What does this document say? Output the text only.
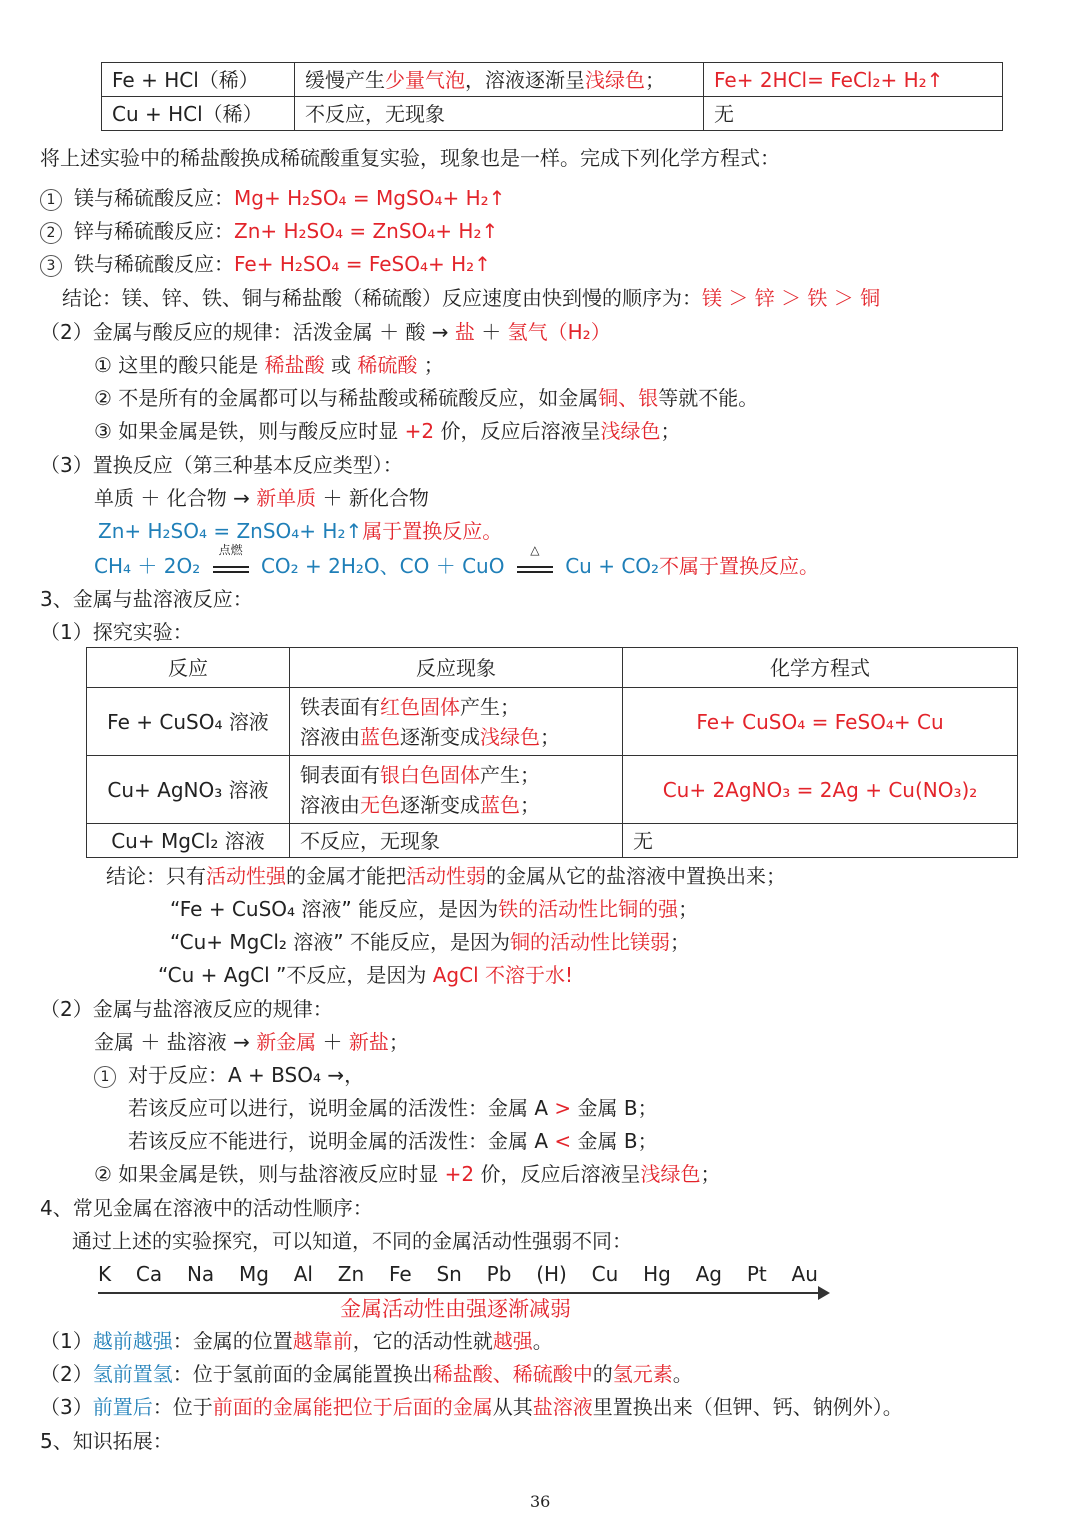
Fe + HCl（稀）	缓慢产生少量气泡，溶液逐渐呈浅绿色；	Fe+ 2HCl= FeCl₂+ H₂↑
Cu + HCl（稀）	不反应，无现象	无
将上述实验中的稀盐酸换成稀硫酸重复实验，现象也是一样。完成下列化学方程式：
1 镁与稀硫酸反应：Mg+ H₂SO₄ = MgSO₄+ H₂↑
2 锌与稀硫酸反应：Zn+ H₂SO₄ = ZnSO₄+ H₂↑
3 铁与稀硫酸反应：Fe+ H₂SO₄ = FeSO₄+ H₂↑
结论：镁、锌、铁、铜与稀盐酸（稀硫酸）反应速度由快到慢的顺序为：镁 ＞ 锌 ＞ 铁 ＞ 铜
（2）金属与酸反应的规律：活泼金属 ＋ 酸 → 盐 ＋ 氢气（H₂）
① 这里的酸只能是 稀盐酸 或 稀硫酸 ；
② 不是所有的金属都可以与稀盐酸或稀硫酸反应，如金属铜、银等就不能。
③ 如果金属是铁，则与酸反应时显 +2 价，反应后溶液呈浅绿色；
（3）置换反应（第三种基本反应类型）：
单质 ＋ 化合物 → 新单质 ＋ 新化合物
Zn+ H₂SO₄ = ZnSO₄+ H₂↑属于置换反应。
CH₄ ＋ 2O₂
点燃
CO₂ + 2H₂O、CO ＋ CuO
△
Cu + CO₂不属于置换反应。
3、金属与盐溶液反应：
（1）探究实验：
反应	反应现象	化学方程式
Fe + CuSO₄ 溶液	铁表面有红色固体产生；
溶液由蓝色逐渐变成浅绿色；	Fe+ CuSO₄ = FeSO₄+ Cu
Cu+ AgNO₃ 溶液	铜表面有银白色固体产生；
溶液由无色逐渐变成蓝色；	Cu+ 2AgNO₃ = 2Ag + Cu(NO₃)₂
Cu+ MgCl₂ 溶液	不反应，无现象	无
结论：只有活动性强的金属才能把活动性弱的金属从它的盐溶液中置换出来；
“Fe + CuSO₄ 溶液” 能反应，是因为铁的活动性比铜的强；
“Cu+ MgCl₂ 溶液” 不能反应，是因为铜的活动性比镁弱；
“Cu + AgCl ”不反应，是因为 AgCl 不溶于水!
（2）金属与盐溶液反应的规律：
金属 ＋ 盐溶液 → 新金属 ＋ 新盐；
1 对于反应：A + BSO₄ →，
若该反应可以进行，说明金属的活泼性：金属 A > 金属 B；
若该反应不能进行，说明金属的活泼性：金属 A < 金属 B；
② 如果金属是铁，则与盐溶液反应时显 +2 价，反应后溶液呈浅绿色；
4、常见金属在溶液中的活动性顺序：
通过上述的实验探究，可以知道，不同的金属活动性强弱不同：
K Ca Na Mg Al Zn Fe Sn Pb (H) Cu Hg Ag Pt Au
金属活动性由强逐渐减弱
（1）越前越强：金属的位置越靠前，它的活动性就越强。
（2）氢前置氢：位于氢前面的金属能置换出稀盐酸、稀硫酸中的氢元素。
（3）前置后：位于前面的金属能把位于后面的金属从其盐溶液里置换出来（但钾、钙、钠例外）。
5、知识拓展：
36
